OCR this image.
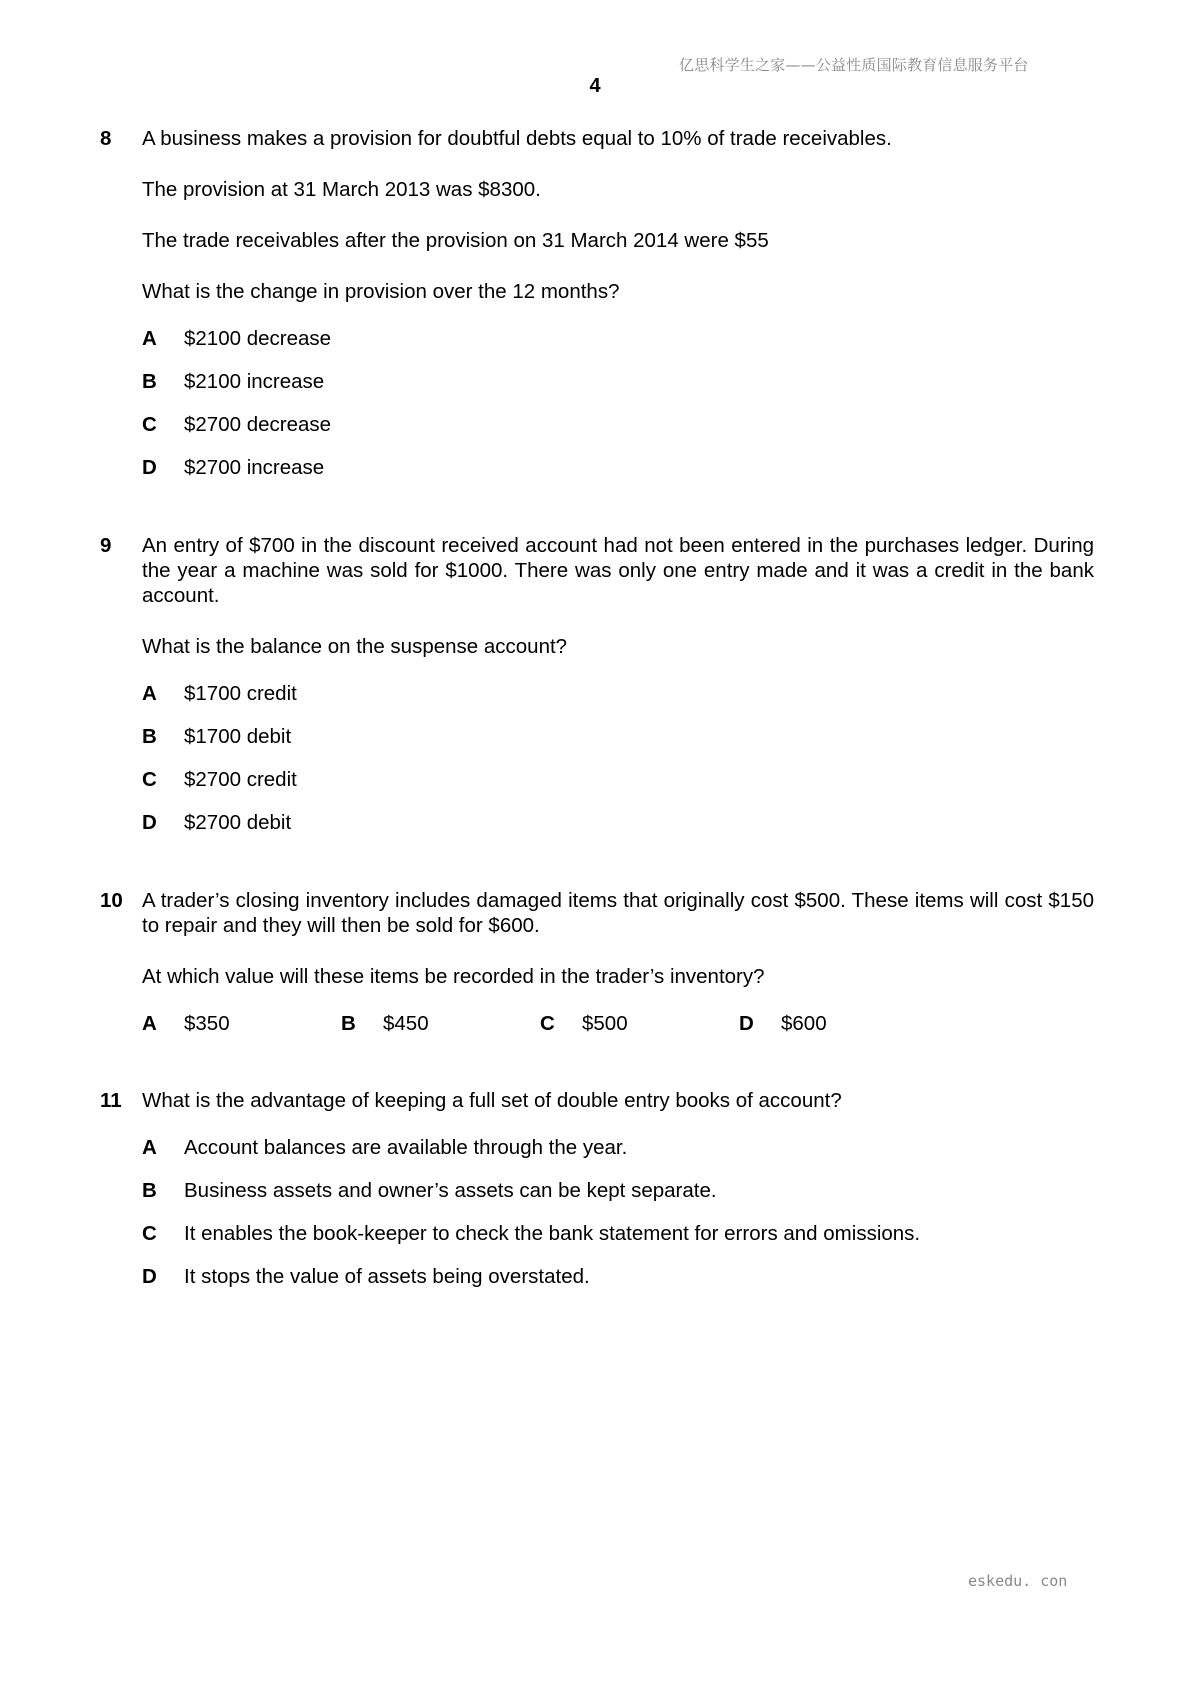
亿思科学生之家——公益性质国际教育信息服务平台
4
8 A business makes a provision for doubtful debts equal to 10% of trade receivables.

The provision at 31 March 2013 was $8300.

The trade receivables after the provision on 31 March 2014 were $55

What is the change in provision over the 12 months?

A $2100 decrease
B $2100 increase
C $2700 decrease
D $2700 increase
9 An entry of $700 in the discount received account had not been entered in the purchases ledger. During the year a machine was sold for $1000. There was only one entry made and it was a credit in the bank account.

What is the balance on the suspense account?

A $1700 credit
B $1700 debit
C $2700 credit
D $2700 debit
10 A trader’s closing inventory includes damaged items that originally cost $500. These items will cost $150 to repair and they will then be sold for $600.

At which value will these items be recorded in the trader’s inventory?

A $350	B $450	C $500	D $600
11 What is the advantage of keeping a full set of double entry books of account?

A Account balances are available through the year.
B Business assets and owner’s assets can be kept separate.
C It enables the book-keeper to check the bank statement for errors and omissions.
D It stops the value of assets being overstated.
eskedu. con
